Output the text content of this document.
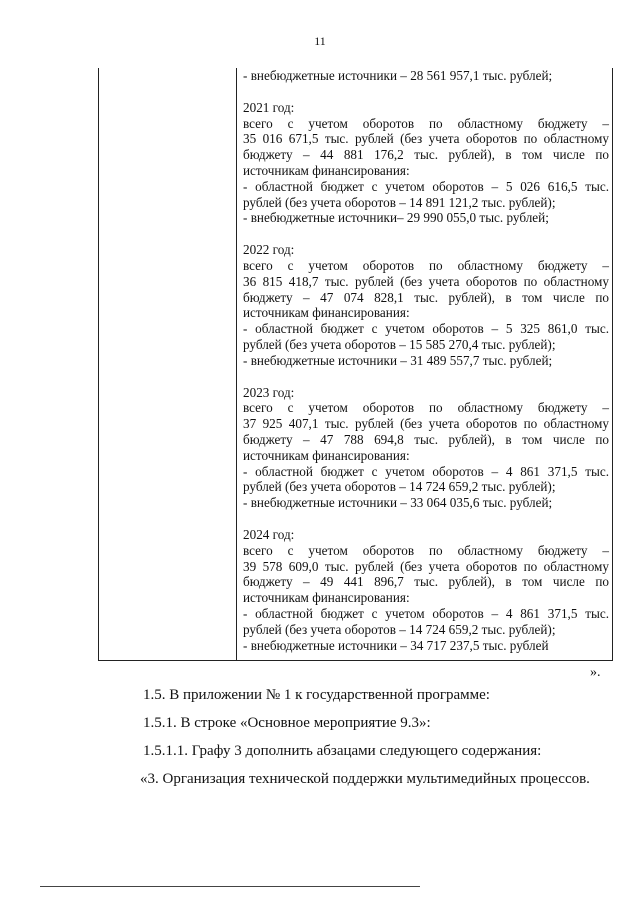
11
- внебюджетные источники – 28 561 957,1 тыс. рублей;
2021 год:
всего с учетом оборотов по областному бюджету –
35 016 671,5 тыс. рублей (без учета оборотов по областному
бюджету – 44 881 176,2 тыс. рублей), в том числе по
источникам финансирования:
- областной бюджет с учетом оборотов – 5 026 616,5 тыс.
рублей (без учета оборотов – 14 891 121,2 тыс. рублей);
- внебюджетные источники– 29 990 055,0 тыс. рублей;
2022 год:
всего с учетом оборотов по областному бюджету –
36 815 418,7 тыс. рублей (без учета оборотов по областному
бюджету – 47 074 828,1 тыс. рублей), в том числе по
источникам финансирования:
- областной бюджет с учетом оборотов – 5 325 861,0 тыс.
рублей (без учета оборотов – 15 585 270,4 тыс. рублей);
- внебюджетные источники – 31 489 557,7 тыс. рублей;
2023 год:
всего с учетом оборотов по областному бюджету –
37 925 407,1 тыс. рублей (без учета оборотов по областному
бюджету – 47 788 694,8 тыс. рублей), в том числе по
источникам финансирования:
- областной бюджет с учетом оборотов – 4 861 371,5 тыс.
рублей (без учета оборотов – 14 724 659,2 тыс. рублей);
- внебюджетные источники – 33 064 035,6 тыс. рублей;
2024 год:
всего с учетом оборотов по областному бюджету –
39 578 609,0 тыс. рублей (без учета оборотов по областному
бюджету – 49 441 896,7 тыс. рублей), в том числе по
источникам финансирования:
- областной бюджет с учетом оборотов – 4 861 371,5 тыс.
рублей (без учета оборотов – 14 724 659,2 тыс. рублей);
- внебюджетные источники – 34 717 237,5 тыс. рублей
».
1.5. В приложении № 1 к государственной программе:
1.5.1. В строке «Основное мероприятие 9.3»:
1.5.1.1. Графу 3 дополнить абзацами следующего содержания:
«3. Организация технической поддержки мультимедийных процессов.
